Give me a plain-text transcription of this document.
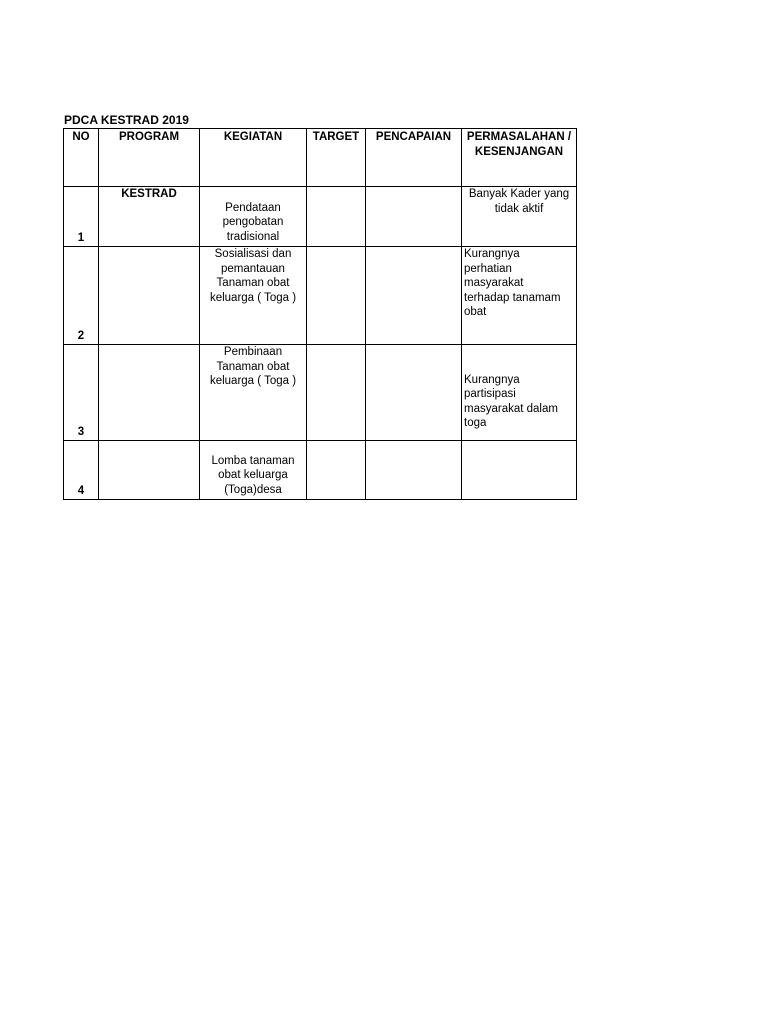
PDCA KESTRAD 2019
NO	PROGRAM	KEGIATAN	TARGET	PENCAPAIAN	PERMASALAHAN /
KESENJANGAN
1	KESTRAD	Pendataan
pengobatan
tradisional			Banyak Kader yang
tidak aktif
2		Sosialisasi dan
pemantauan
Tanaman obat
keluarga ( Toga )			Kurangnya
perhatian
masyarakat
terhadap tanamam
obat
3		Pembinaan
Tanaman obat
keluarga ( Toga )			Kurangnya
partisipasi
masyarakat dalam
toga
4		Lomba tanaman
obat keluarga
(Toga)desa			
